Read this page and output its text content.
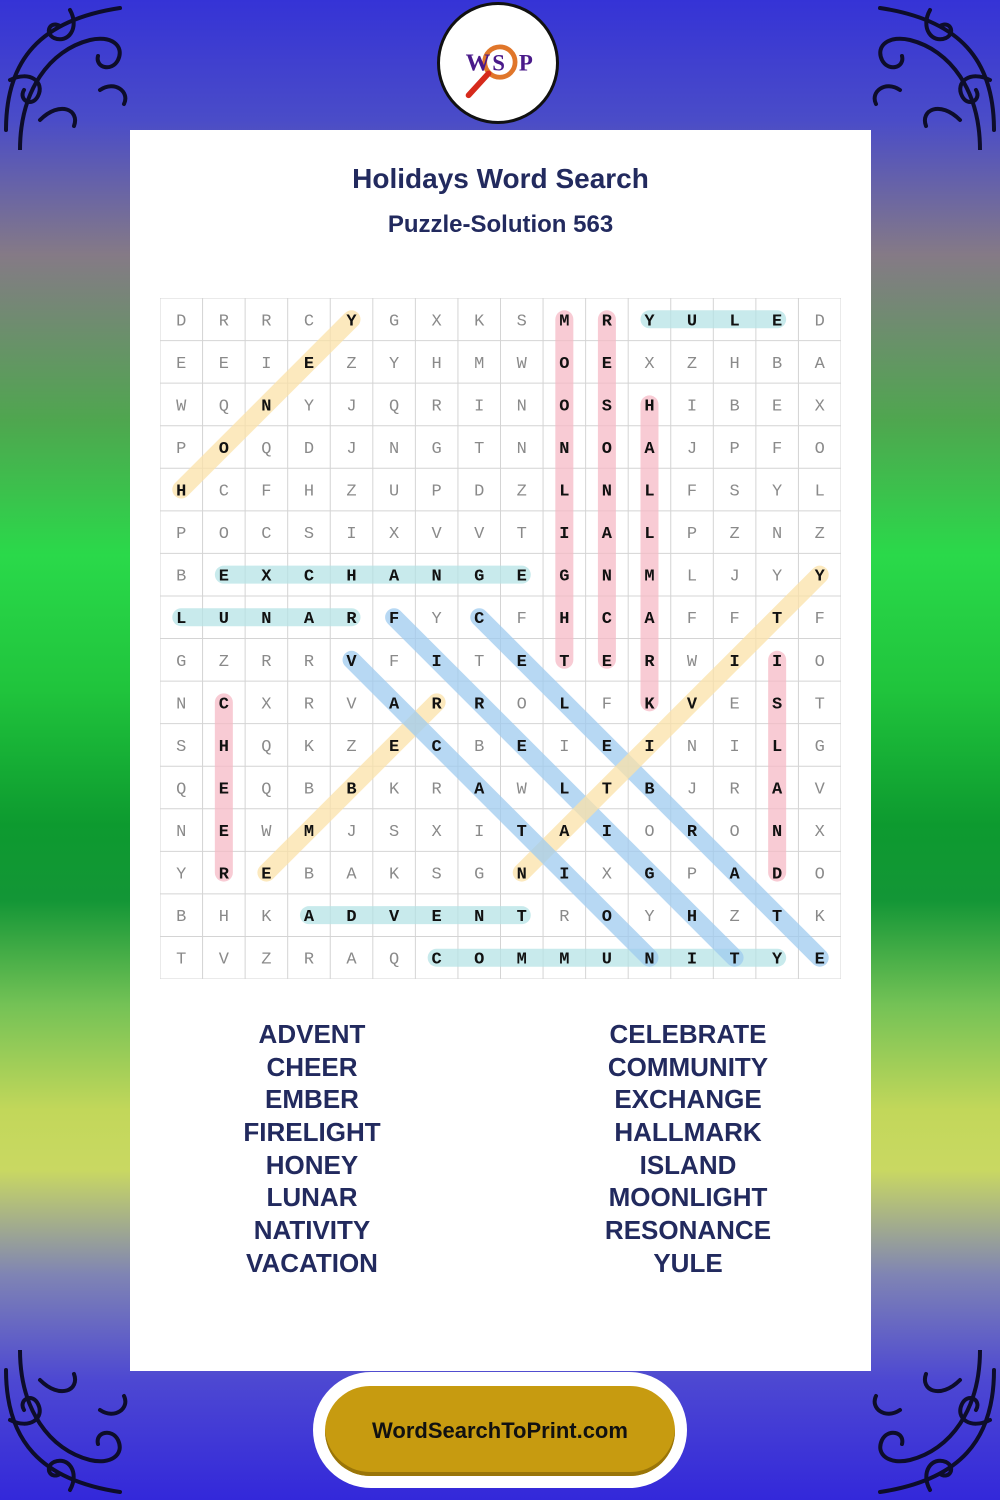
W S P
Holidays Word Search
Puzzle-Solution 563
D R R C Y G X K S M R Y U L E D
E E I E Z Y H M W O E X Z H B A
W Q N Y J Q R I N O S H I B E X
P O Q D J N G T N N O A J P F O
H C F H Z U P D Z L N L F S Y L
P O C S I X V V T I A L P Z N Z
B E X C H A N G E G N M L J Y Y
L U N A R F Y C F H C A F F T F
G Z R R V F I T E T E R W I I O
N C X R V A R R O L F K V E S T
S H Q K Z E C B E I E I N I L G
Q E Q B B K R A W L T B J R A V
N E W M J S X I T A I O R O N X
Y R E B A K S G N I X G P A D O
B H K A D V E N T R O Y H Z T K
T V Z R A Q C O M M U N I T Y E
ADVENT
CHEER
EMBER
FIRELIGHT
HONEY
LUNAR
NATIVITY
VACATION
CELEBRATE
COMMUNITY
EXCHANGE
HALLMARK
ISLAND
MOONLIGHT
RESONANCE
YULE
WordSearchToPrint.com
